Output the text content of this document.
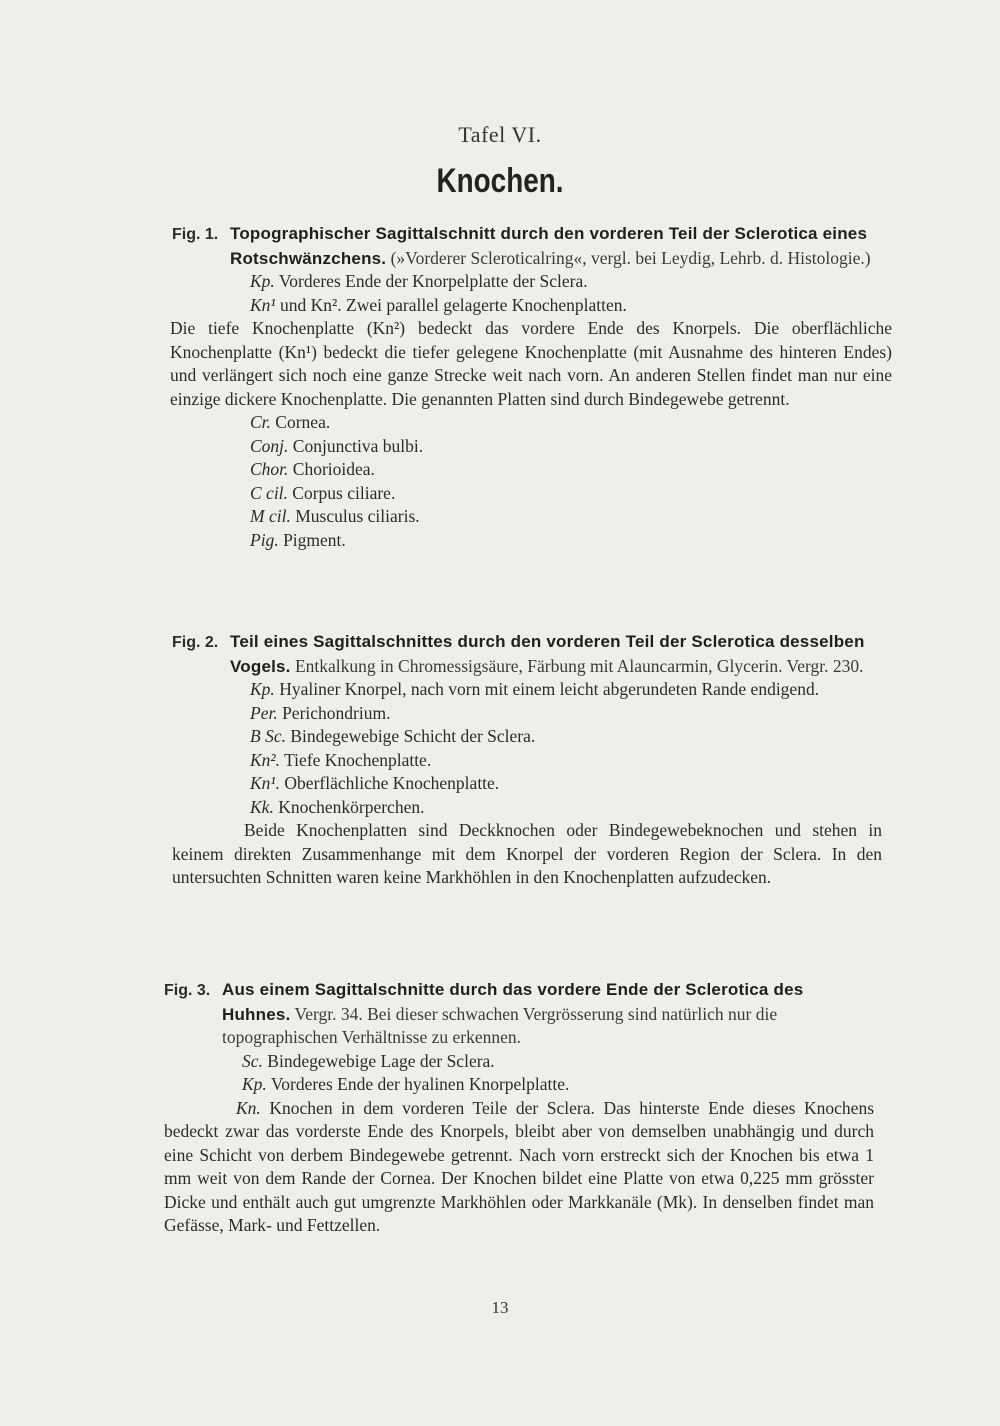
Tafel VI.
Knochen.

Fig. 1. Topographischer Sagittalschnitt durch den vorderen Teil der Sclerotica eines Rotschwänzchens. (»Vorderer Scleroticalring«, vergl. bei Leydig, Lehrb. d. Histologie.)

Kp. Vorderes Ende der Knorpelplatte der Sclera.

Kn¹ und Kn². Zwei parallel gelagerte Knochenplatten.

Die tiefe Knochenplatte (Kn²) bedeckt das vordere Ende des Knorpels. Die oberflächliche Knochenplatte (Kn¹) bedeckt die tiefer gelegene Knochenplatte (mit Ausnahme des hinteren Endes) und verlängert sich noch eine ganze Strecke weit nach vorn. An anderen Stellen findet man nur eine einzige dickere Knochenplatte. Die genannten Platten sind durch Bindegewebe getrennt.

Cr. Cornea.

Conj. Conjunctiva bulbi.

Chor. Chorioidea.

C cil. Corpus ciliare.

M cil. Musculus ciliaris.

Pig. Pigment.

Fig. 2. Teil eines Sagittalschnittes durch den vorderen Teil der Sclerotica desselben Vogels. Entkalkung in Chromessigsäure, Färbung mit Alauncarmin, Glycerin. Vergr. 230.

Kp. Hyaliner Knorpel, nach vorn mit einem leicht abgerundeten Rande endigend.

Per. Perichondrium.

B Sc. Bindegewebige Schicht der Sclera.

Kn². Tiefe Knochenplatte.

Kn¹. Oberflächliche Knochenplatte.

Kk. Knochenkörperchen.

Beide Knochenplatten sind Deckknochen oder Bindegewebeknochen und stehen in keinem direkten Zusammenhange mit dem Knorpel der vorderen Region der Sclera. In den untersuchten Schnitten waren keine Markhöhlen in den Knochenplatten aufzudecken.

Fig. 3. Aus einem Sagittalschnitte durch das vordere Ende der Sclerotica des Huhnes. Vergr. 34. Bei dieser schwachen Vergrösserung sind natürlich nur die topographischen Verhältnisse zu erkennen.

Sc. Bindegewebige Lage der Sclera.

Kp. Vorderes Ende der hyalinen Knorpelplatte.

Kn. Knochen in dem vorderen Teile der Sclera. Das hinterste Ende dieses Knochens bedeckt zwar das vorderste Ende des Knorpels, bleibt aber von demselben unabhängig und durch eine Schicht von derbem Bindegewebe getrennt. Nach vorn erstreckt sich der Knochen bis etwa 1 mm weit von dem Rande der Cornea. Der Knochen bildet eine Platte von etwa 0,225 mm grösster Dicke und enthält auch gut umgrenzte Markhöhlen oder Markkanäle (Mk). In denselben findet man Gefässe, Mark- und Fettzellen.

13
